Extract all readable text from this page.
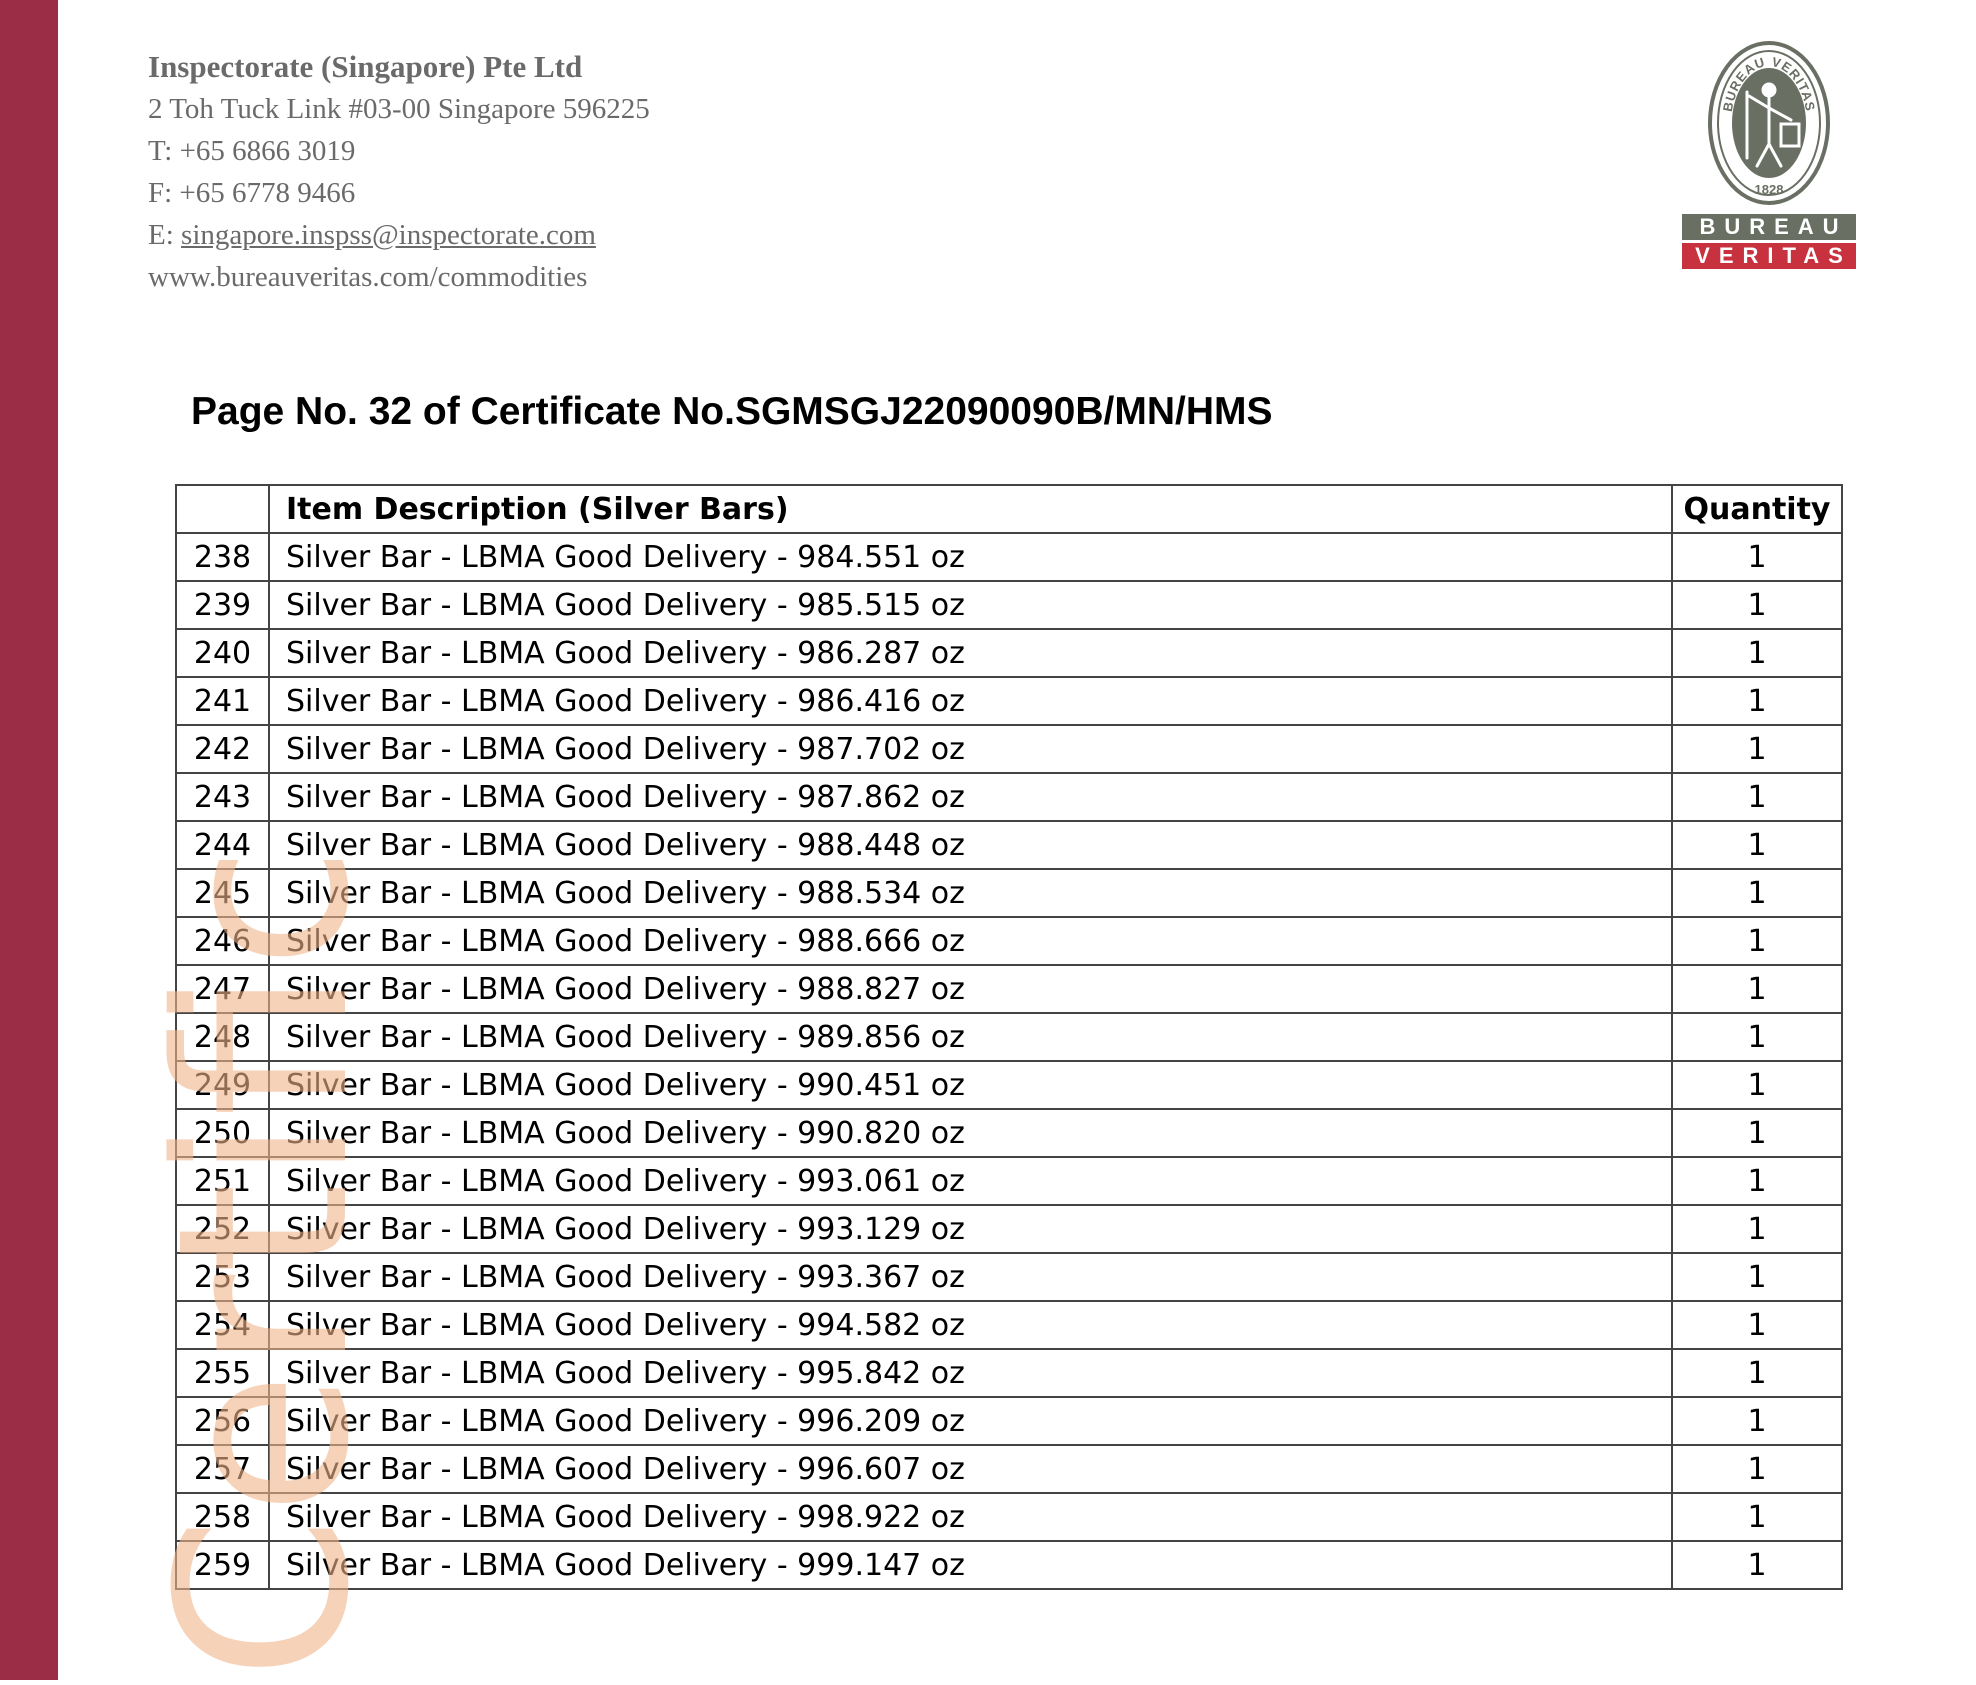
Inspectorate (Singapore) Pte Ltd

2 Toh Tuck Link #03-00 Singapore 596225

T: +65 6866 3019

F: +65 6778 9466

E: singapore.inspss@inspectorate.com

www.bureauveritas.com/commodities

BUREAU VERITAS
1828
BUREAU
VERITAS
Page No. 32 of Certificate No.SGMSGJ22090090B/MN/HMS
	Item Description (Silver Bars)	Quantity
238	Silver Bar - LBMA Good Delivery - 984.551 oz	1
239	Silver Bar - LBMA Good Delivery - 985.515 oz	1
240	Silver Bar - LBMA Good Delivery - 986.287 oz	1
241	Silver Bar - LBMA Good Delivery - 986.416 oz	1
242	Silver Bar - LBMA Good Delivery - 987.702 oz	1
243	Silver Bar - LBMA Good Delivery - 987.862 oz	1
244	Silver Bar - LBMA Good Delivery - 988.448 oz	1
245	Silver Bar - LBMA Good Delivery - 988.534 oz	1
246	Silver Bar - LBMA Good Delivery - 988.666 oz	1
247	Silver Bar - LBMA Good Delivery - 988.827 oz	1
248	Silver Bar - LBMA Good Delivery - 989.856 oz	1
249	Silver Bar - LBMA Good Delivery - 990.451 oz	1
250	Silver Bar - LBMA Good Delivery - 990.820 oz	1
251	Silver Bar - LBMA Good Delivery - 993.061 oz	1
252	Silver Bar - LBMA Good Delivery - 993.129 oz	1
253	Silver Bar - LBMA Good Delivery - 993.367 oz	1
254	Silver Bar - LBMA Good Delivery - 994.582 oz	1
255	Silver Bar - LBMA Good Delivery - 995.842 oz	1
256	Silver Bar - LBMA Good Delivery - 996.209 oz	1
257	Silver Bar - LBMA Good Delivery - 996.607 oz	1
258	Silver Bar - LBMA Good Delivery - 998.922 oz	1
259	Silver Bar - LBMA Good Delivery - 999.147 oz	1
Certific
